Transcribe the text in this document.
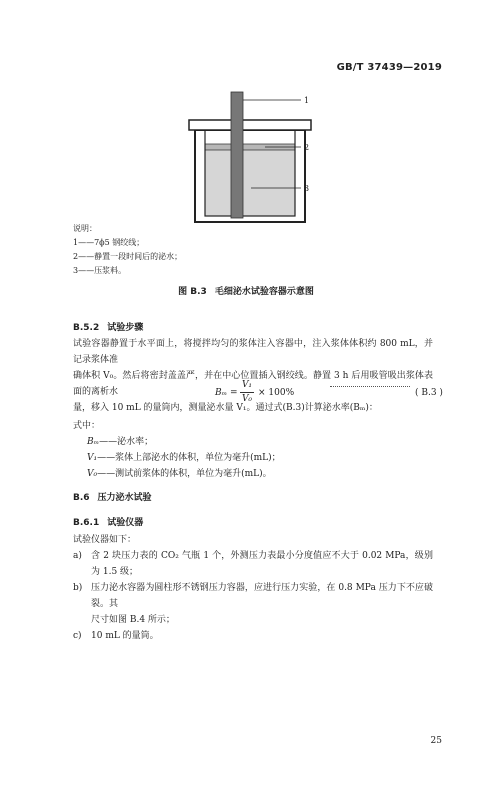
GB/T 37439—2019
1
2
3
说明：
1——7ϕ5 钢绞线；
2——静置一段时间后的泌水；
3——压浆料。
图 B.3 毛细泌水试验容器示意图
B.5.2 试验步骤
试验容器静置于水平面上，将搅拌均匀的浆体注入容器中，注入浆体体积约 800 mL，并记录浆体准
确体积 V₀。然后将密封盖盖严，并在中心位置插入钢绞线。静置 3 h 后用吸管吸出浆体表面的离析水
量，移入 10 mL 的量筒内，测量泌水量 V₁。通过式(B.3)计算泌水率(Bₘ)：
Bₘ =
V₁
V₀
× 100%	( B.3 )
式中：
Bₘ——泌水率；
V₁——浆体上部泌水的体积，单位为毫升(mL)；
V₀——测试前浆体的体积，单位为毫升(mL)。
B.6 压力泌水试验
B.6.1 试验仪器
试验仪器如下：
a)	含 2 块压力表的 CO₂ 气瓶 1 个，外测压力表最小分度值应不大于 0.02 MPa，级别为 1.5 级；
b) 压力泌水容器为圆柱形不锈钢压力容器，应进行压力实验，在 0.8 MPa 压力下不应破裂。其
尺寸如图 B.4 所示；
c)	10 mL 的量筒。
25
